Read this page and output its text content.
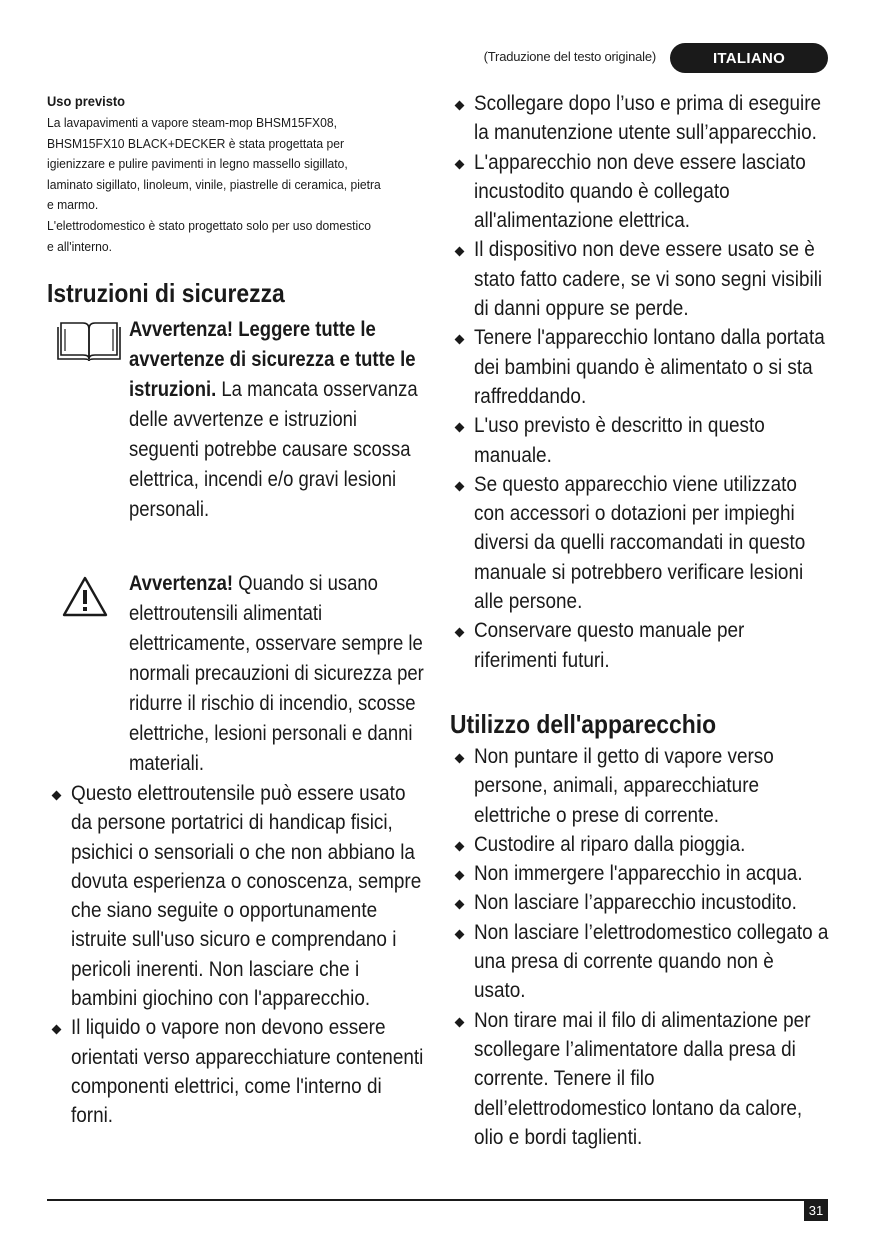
(Traduzione del testo originale)	ITALIANO
Uso previsto

La lavapavimenti a vapore steam-mop BHSM15FX08,

BHSM15FX10 BLACK+DECKER è stata progettata per

igienizzare e pulire pavimenti in legno massello sigillato,

laminato sigillato, linoleum, vinile, piastrelle di ceramica, pietra

e marmo.

L'elettrodomestico è stato progettato solo per uso domestico

e all'interno.

Istruzioni di sicurezza
Avvertenza! Leggere tutte le avvertenze di sicurezza e tutte le istruzioni. La mancata osservanza delle avvertenze e istruzioni seguenti potrebbe causare scossa elettrica, incendi e/o gravi lesioni personali.
Avvertenza! Quando si usano elettroutensili alimentati elettricamente, osservare sempre le normali precauzioni di sicurezza per ridurre il rischio di incendio, scosse elettriche, lesioni personali e danni materiali.
Questo elettroutensile può essere usato da persone portatrici di handicap fisici, psichici o sensoriali o che non abbiano la dovuta esperienza o conoscenza, sempre che siano seguite o opportunamente istruite sull'uso sicuro e comprendano i pericoli inerenti. Non lasciare che i bambini giochino con l'apparecchio.
Il liquido o vapore non devono essere orientati verso apparecchiature contenenti componenti elettrici, come l'interno di forni.
Scollegare dopo l’uso e prima di eseguire la manutenzione utente sull’apparecchio.
L'apparecchio non deve essere lasciato incustodito quando è collegato all'alimentazione elettrica.
Il dispositivo non deve essere usato se è stato fatto cadere, se vi sono segni visibili di danni oppure se perde.
Tenere l'apparecchio lontano dalla portata dei bambini quando è alimentato o si sta raffreddando.
L'uso previsto è descritto in questo manuale.
Se questo apparecchio viene utilizzato con accessori o dotazioni per impieghi diversi da quelli raccomandati in questo manuale si potrebbero verificare lesioni alle persone.
Conservare questo manuale per riferimenti futuri.
Utilizzo dell'apparecchio
Non puntare il getto di vapore verso persone, animali, apparecchiature elettriche o prese di corrente.
Custodire al riparo dalla pioggia.
Non immergere l'apparecchio in acqua.
Non lasciare l’apparecchio incustodito.
Non lasciare l’elettrodomestico collegato a una presa di corrente quando non è usato.
Non tirare mai il filo di alimentazione per scollegare l’alimentatore dalla presa di corrente. Tenere il filo dell’elettrodomestico lontano da calore, olio e bordi taglienti.
31
